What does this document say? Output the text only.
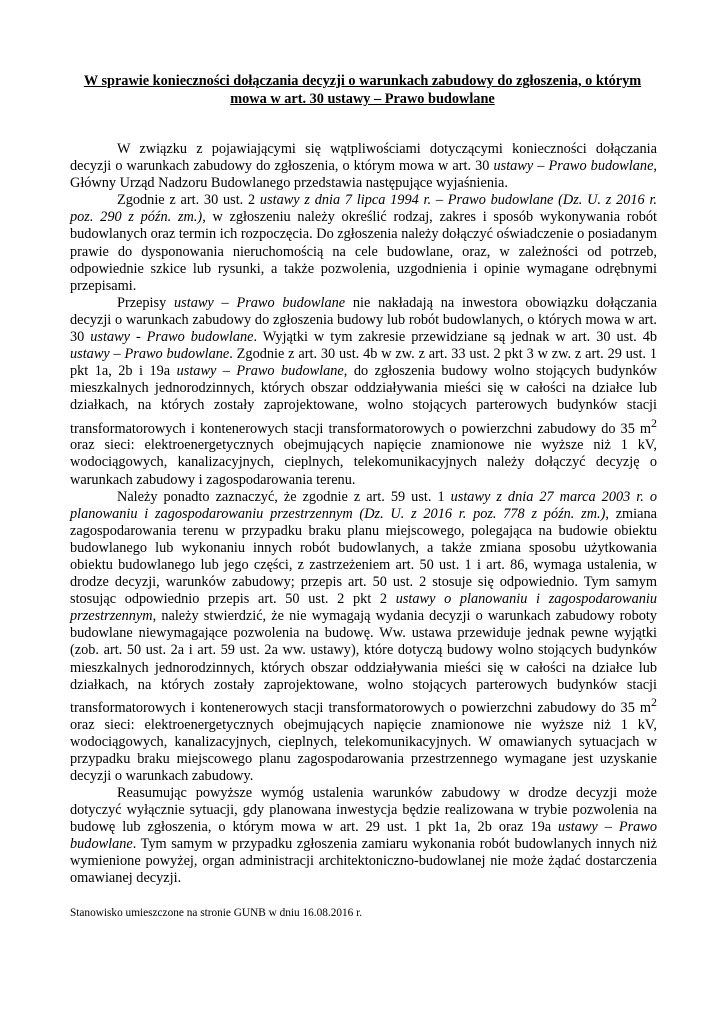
W sprawie konieczności dołączania decyzji o warunkach zabudowy do zgłoszenia, o którym mowa w art. 30 ustawy – Prawo budowlane

W związku z pojawiającymi się wątpliwościami dotyczącymi konieczności dołączania decyzji o warunkach zabudowy do zgłoszenia, o którym mowa w art. 30 ustawy – Prawo budowlane, Główny Urząd Nadzoru Budowlanego przedstawia następujące wyjaśnienia.

Zgodnie z art. 30 ust. 2 ustawy z dnia 7 lipca 1994 r. – Prawo budowlane (Dz. U. z 2016 r. poz. 290 z późn. zm.), w zgłoszeniu należy określić rodzaj, zakres i sposób wykonywania robót budowlanych oraz termin ich rozpoczęcia. Do zgłoszenia należy dołączyć oświadczenie o posiadanym prawie do dysponowania nieruchomością na cele budowlane, oraz, w zależności od potrzeb, odpowiednie szkice lub rysunki, a także pozwolenia, uzgodnienia i opinie wymagane odrębnymi przepisami.

Przepisy ustawy – Prawo budowlane nie nakładają na inwestora obowiązku dołączania decyzji o warunkach zabudowy do zgłoszenia budowy lub robót budowlanych, o których mowa w art. 30 ustawy - Prawo budowlane. Wyjątki w tym zakresie przewidziane są jednak w art. 30 ust. 4b ustawy – Prawo budowlane. Zgodnie z art. 30 ust. 4b w zw. z art. 33 ust. 2 pkt 3 w zw. z art. 29 ust. 1 pkt 1a, 2b i 19a ustawy – Prawo budowlane, do zgłoszenia budowy wolno stojących budynków mieszkalnych jednorodzinnych, których obszar oddziaływania mieści się w całości na działce lub działkach, na których zostały zaprojektowane, wolno stojących parterowych budynków stacji transformatorowych i kontenerowych stacji transformatorowych o powierzchni zabudowy do 35 $m^2$ oraz sieci: elektroenergetycznych obejmujących napięcie znamionowe nie wyższe niż 1 kV, wodociągowych, kanalizacyjnych, cieplnych, telekomunikacyjnych należy dołączyć decyzję o warunkach zabudowy i zagospodarowania terenu.

Należy ponadto zaznaczyć, że zgodnie z art. 59 ust. 1 ustawy z dnia 27 marca 2003 r. o planowaniu i zagospodarowaniu przestrzennym (Dz. U. z 2016 r. poz. 778 z późn. zm.), zmiana zagospodarowania terenu w przypadku braku planu miejscowego, polegająca na budowie obiektu budowlanego lub wykonaniu innych robót budowlanych, a także zmiana sposobu użytkowania obiektu budowlanego lub jego części, z zastrzeżeniem art. 50 ust. 1 i art. 86, wymaga ustalenia, w drodze decyzji, warunków zabudowy; przepis art. 50 ust. 2 stosuje się odpowiednio. Tym samym stosując odpowiednio przepis art. 50 ust. 2 pkt 2 ustawy o planowaniu i zagospodarowaniu przestrzennym, należy stwierdzić, że nie wymagają wydania decyzji o warunkach zabudowy roboty budowlane niewymagające pozwolenia na budowę. Ww. ustawa przewiduje jednak pewne wyjątki (zob. art. 50 ust. 2a i art. 59 ust. 2a ww. ustawy), które dotyczą budowy wolno stojących budynków mieszkalnych jednorodzinnych, których obszar oddziaływania mieści się w całości na działce lub działkach, na których zostały zaprojektowane, wolno stojących parterowych budynków stacji transformatorowych i kontenerowych stacji transformatorowych o powierzchni zabudowy do 35 $m^2$ oraz sieci: elektroenergetycznych obejmujących napięcie znamionowe nie wyższe niż 1 kV, wodociągowych, kanalizacyjnych, cieplnych, telekomunikacyjnych. W omawianych sytuacjach w przypadku braku miejscowego planu zagospodarowania przestrzennego wymagane jest uzyskanie decyzji o warunkach zabudowy.

Reasumując powyższe wymóg ustalenia warunków zabudowy w drodze decyzji może dotyczyć wyłącznie sytuacji, gdy planowana inwestycja będzie realizowana w trybie pozwolenia na budowę lub zgłoszenia, o którym mowa w art. 29 ust. 1 pkt 1a, 2b oraz 19a ustawy – Prawo budowlane. Tym samym w przypadku zgłoszenia zamiaru wykonania robót budowlanych innych niż wymienione powyżej, organ administracji architektoniczno-budowlanej nie może żądać dostarczenia omawianej decyzji.

Stanowisko umieszczone na stronie GUNB w dniu 16.08.2016 r.
